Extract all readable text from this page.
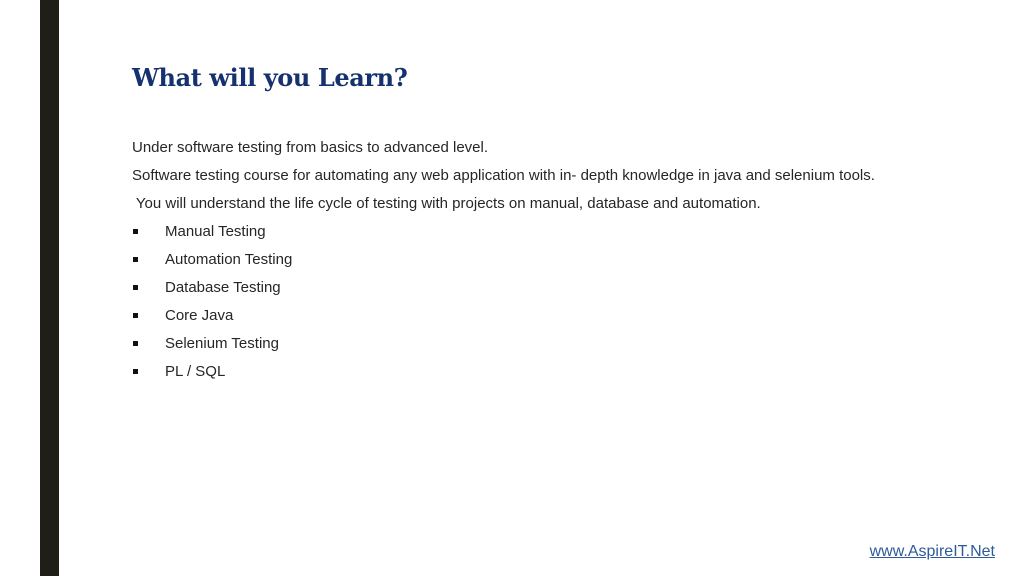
What will you Learn?
Under software testing from basics to advanced level.
Software testing course for automating any web application with in- depth knowledge in java and selenium tools.
You will understand the life cycle of testing with projects on manual, database and automation.
Manual Testing
Automation Testing
Database Testing
Core Java
Selenium Testing
PL / SQL
www.AspireIT.Net
